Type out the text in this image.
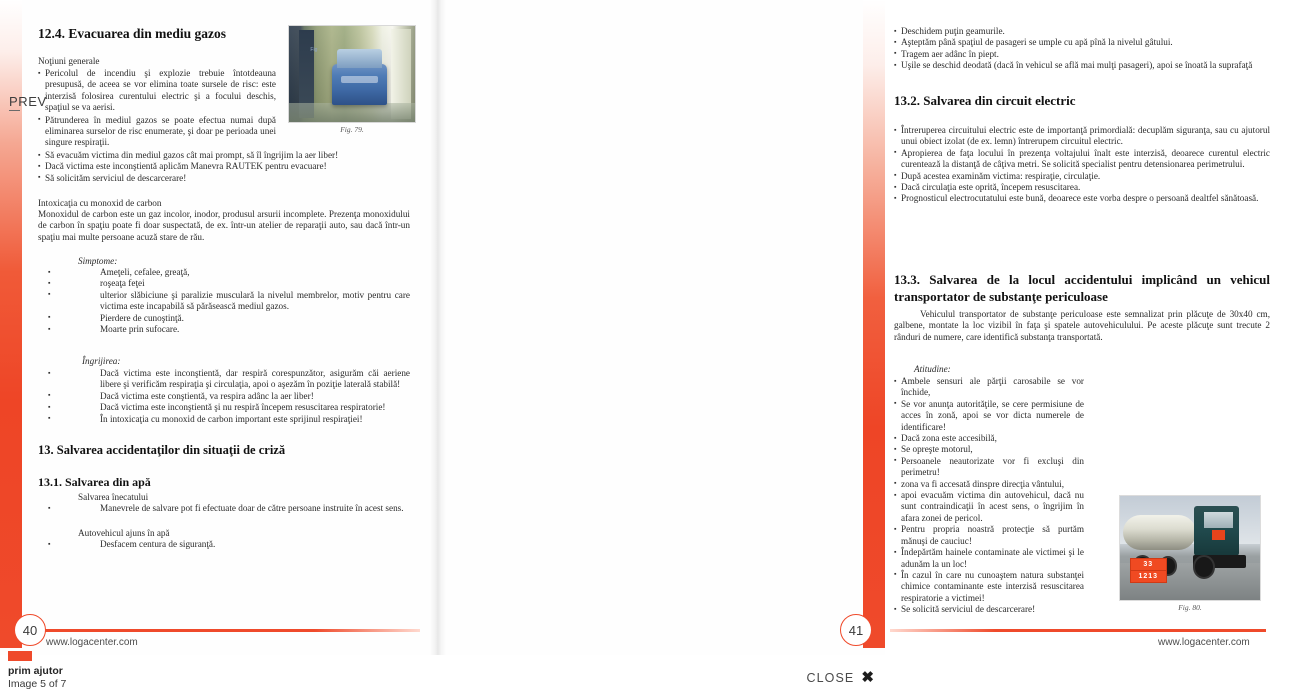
12.4. Evacuarea din mediu gazos
Noţiuni generale
▪ Pericolul de incendiu şi explozie trebuie întotdeauna presupusă, de aceea se vor elimina toate sursele de risc: este interzisă folosirea curentului electric şi a focului deschis, spaţiul se va aerisi.
▪ Pătrunderea în mediul gazos se poate efectua numai după eliminarea surselor de risc enumerate, şi doar pe perioada unei singure respiraţii.
▪ Să evacuăm victima din mediul gazos cât mai prompt, să îl îngrijim la aer liber!
▪ Dacă victima este inconştientă aplicăm Manevra RAUTEK pentru evacuare!
▪ Să solicităm serviciul de descarcerare!
Intoxicaţia cu monoxid de carbon
Monoxidul de carbon este un gaz incolor, inodor, produsul arsurii incomplete. Prezenţa monoxidului de carbon în spaţiu poate fi doar suspectată, de ex. într-un atelier de reparaţii auto, sau dacă într-un spaţiu mai multe persoane acuză stare de rău.
Simptome:
▪ Ameţeli, cefalee, greaţă,
▪ roşeaţa feţei
▪ ulterior slăbiciune şi paralizie musculară la nivelul membrelor, motiv pentru care victima este incapabilă să părăsească mediul gazos.
▪ Pierdere de cunoştinţă.
▪ Moarte prin sufocare.
Îngrijirea:
▪ Dacă victima este inconştientă, dar respiră corespunzător, asigurăm căi aeriene libere şi verificăm respiraţia şi circulaţia, apoi o aşezăm în poziţie laterală stabilă!
▪ Dacă victima este conştientă, va respira adânc la aer liber!
▪ Dacă victima este inconştientă şi nu respiră începem resuscitarea respiratorie!
▪ În intoxicaţia cu monoxid de carbon important este sprijinul respiraţiei!
13. Salvarea accidentaţilor din situaţii de criză
13.1. Salvarea din apă
Salvarea înecatului
▪ Manevrele de salvare pot fi efectuate doar de către persoane instruite în acest sens.
Autovehicul ajuns în apă
▪ Desfacem centura de siguranţă.
Fig
Fig. 79.
40
www.logacenter.com
▪ Deschidem puţin geamurile.
▪ Aşteptăm până spaţiul de pasageri se umple cu apă pînă la nivelul gâtului.
▪ Tragem aer adânc în piept.
▪ Uşile se deschid deodată (dacă în vehicul se află mai mulţi pasageri), apoi se înoată la suprafaţă
13.2. Salvarea din circuit electric
▪ Întreruperea circuitului electric este de importanţă primordială: decuplăm siguranţa, sau cu ajutorul unui obiect izolat (de ex. lemn) întrerupem circuitul electric.
▪ Apropierea de faţa locului în prezenţa voltajului înalt este interzisă, deoarece curentul electric curentează la distanţă de câţiva metri. Se solicită specialist pentru detensionarea perimetrului.
▪ După acestea examinăm victima: respiraţie, circulaţie.
▪ Dacă circulaţia este oprită, începem resuscitarea.
▪ Prognosticul electrocutatului este bună, deoarece este vorba despre o persoană dealtfel sănătoasă.
13.3. Salvarea de la locul accidentului implicând un vehicul transportator de substanţe periculoase
Vehiculul transportator de substanţe periculoase este semnalizat prin plăcuţe de 30x40 cm, galbene, montate la loc vizibil în faţa şi spatele autovehiculului. Pe aceste plăcuţe sunt trecute 2 rânduri de numere, care identifică substanţa transportată.
Atitudine:
▪ Ambele sensuri ale părţii carosabile se vor închide,
▪ Se vor anunţa autorităţile, se cere permisiune de acces în zonă, apoi se vor dicta numerele de identificare!
▪ Dacă zona este accesibilă,
▪ Se opreşte motorul,
▪ Persoanele neautorizate vor fi excluşi din perimetru!
▪ zona va fi accesată dinspre direcţia vântului,
▪ apoi evacuăm victima din autovehicul, dacă nu sunt contraindicaţii în acest sens, o îngrijim în afara zonei de pericol.
▪ Pentru propria noastră protecţie să purtăm mănuşi de cauciuc!
▪ Îndepărtăm hainele contaminate ale victimei şi le adunăm la un loc!
▪ În cazul în care nu cunoaştem natura substanţei chimice contaminante este interzisă resuscitarea respiratorie a victimei!
▪ Se solicită serviciul de descarcerare!
33
1213
Fig. 80.
www.logacenter.com
41
PREV
prim ajutor
Image 5 of 7	CLOSE ✖
